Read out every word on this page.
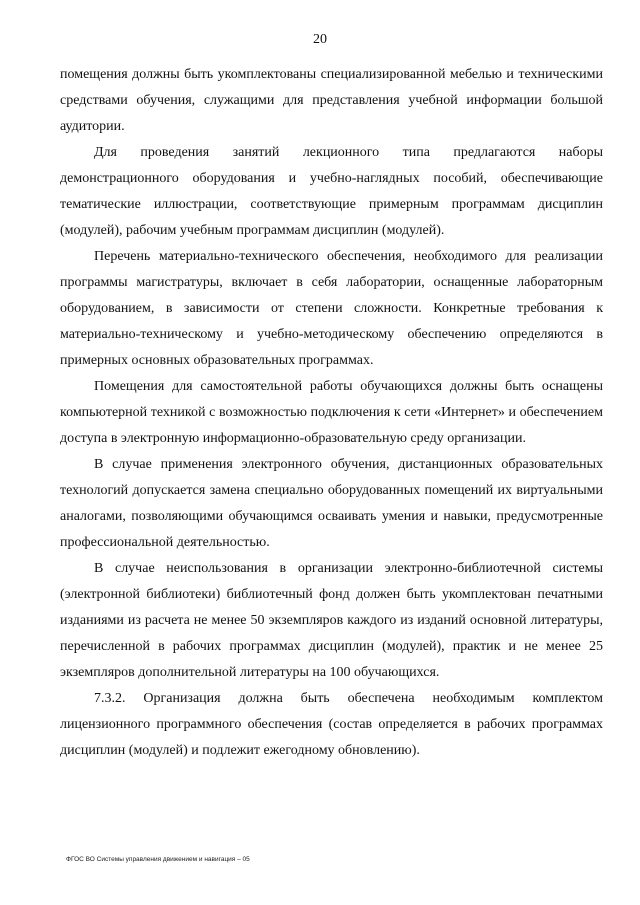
20

помещения должны быть укомплектованы специализированной мебелью и техническими средствами обучения, служащими для представления учебной информации большой аудитории.

Для проведения занятий лекционного типа предлагаются наборы демонстрационного оборудования и учебно-наглядных пособий, обеспечивающие тематические иллюстрации, соответствующие примерным программам дисциплин (модулей), рабочим учебным программам дисциплин (модулей).

Перечень материально-технического обеспечения, необходимого для реализации программы магистратуры, включает в себя лаборатории, оснащенные лабораторным оборудованием, в зависимости от степени сложности. Конкретные требования к материально-техническому и учебно-методическому обеспечению определяются в примерных основных образовательных программах.

Помещения для самостоятельной работы обучающихся должны быть оснащены компьютерной техникой с возможностью подключения к сети «Интернет» и обеспечением доступа в электронную информационно-образовательную среду организации.

В случае применения электронного обучения, дистанционных образовательных технологий допускается замена специально оборудованных помещений их виртуальными аналогами, позволяющими обучающимся осваивать умения и навыки, предусмотренные профессиональной деятельностью.

В случае неиспользования в организации электронно-библиотечной системы (электронной библиотеки) библиотечный фонд должен быть укомплектован печатными изданиями из расчета не менее 50 экземпляров каждого из изданий основной литературы, перечисленной в рабочих программах дисциплин (модулей), практик и не менее 25 экземпляров дополнительной литературы на 100 обучающихся.

7.3.2. Организация должна быть обеспечена необходимым комплектом лицензионного программного обеспечения (состав определяется в рабочих программах дисциплин (модулей) и подлежит ежегодному обновлению).

ФГОС ВО Системы управления движением и навигация – 05
